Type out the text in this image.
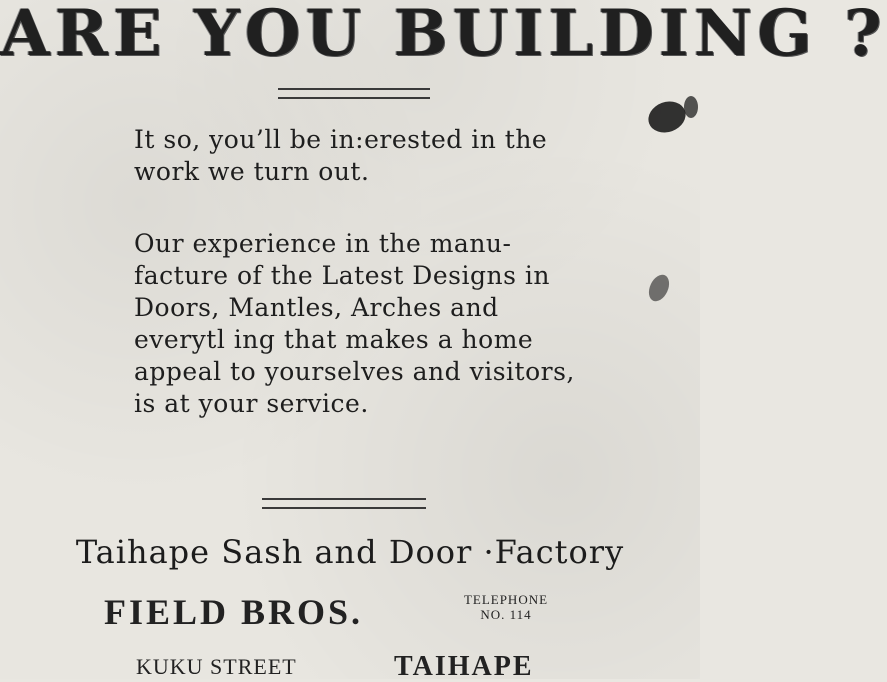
ARE YOU BUILDING ?

It so, you’ll be in:erested in the work we turn out.

Our experience in the manu-facture of the Latest Designs in Doors, Mantles, Arches and everytl ing that makes a home appeal to yourselves and visitors, is at your service.

Taihape Sash and Door ·Factory
FIELD BROS.	TELEPHONE
NO. 114
KUKU STREET	TAIHAPE
